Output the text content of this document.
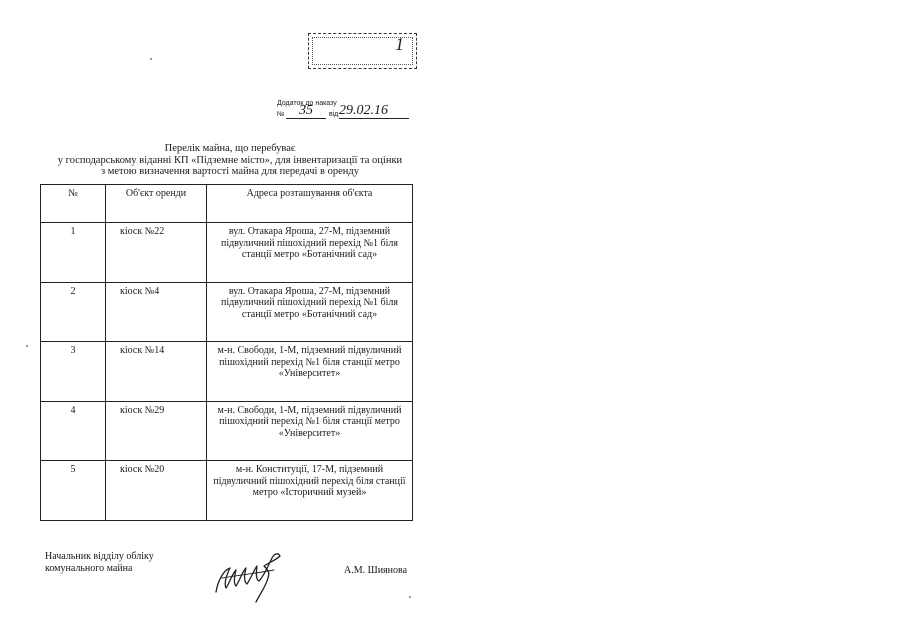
1
Додаток до наказу
№	35	від 29.02.16
Перелік майна, що перебуває
у господарському віданні КП «Підземне місто», для інвентаризації та оцінки
з метою визначення вартості майна для передачі в оренду
№	Об'єкт оренди	Адреса розташування об'єкта
1	кіоск №22	вул. Отакара Яроша, 27-М, підземний підвуличний пішохідний перехід №1 біля станції метро «Ботанічний сад»
2	кіоск №4	вул. Отакара Яроша, 27-М, підземний підвуличний пішохідний перехід №1 біля станції метро «Ботанічний сад»
3	кіоск №14	м-н. Свободи, 1-М, підземний підвуличний пішохідний перехід №1 біля станції метро «Університет»
4	кіоск №29	м-н. Свободи, 1-М, підземний підвуличний пішохідний перехід №1 біля станції метро «Університет»
5	кіоск №20	м-н. Конституції, 17-М, підземний підвуличний пішохідний перехід біля станції метро «Історичний музей»
Начальник відділу обліку
комунального майна	А.М. Шиянова
